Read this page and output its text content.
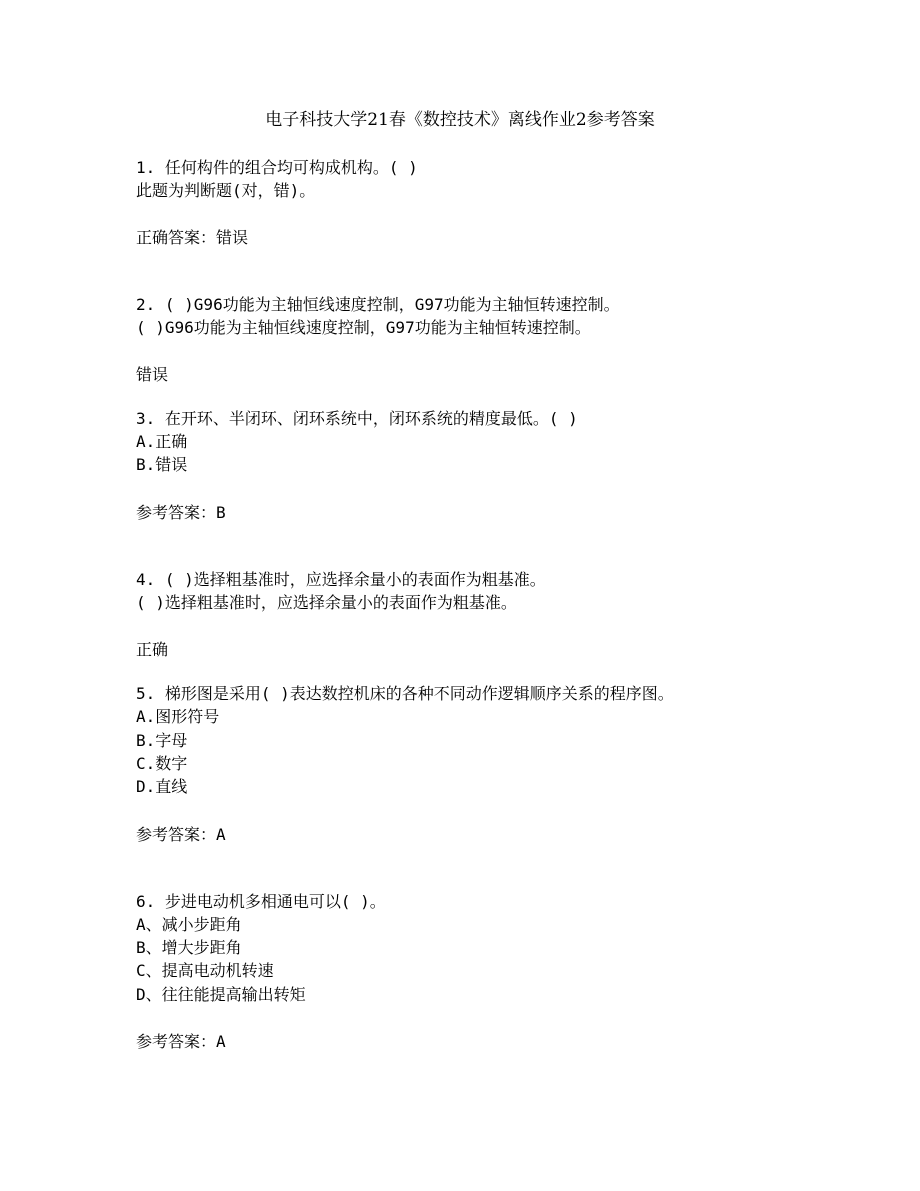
电子科技大学21春《数控技术》离线作业2参考答案
1. 任何构件的组合均可构成机构。( )
此题为判断题(对，错)。
正确答案：错误
2. ( )G96功能为主轴恒线速度控制，G97功能为主轴恒转速控制。
( )G96功能为主轴恒线速度控制，G97功能为主轴恒转速控制。
错误
3. 在开环、半闭环、闭环系统中，闭环系统的精度最低。( )
A.正确
B.错误
参考答案：B
4. ( )选择粗基准时，应选择余量小的表面作为粗基准。
( )选择粗基准时，应选择余量小的表面作为粗基准。
正确
5. 梯形图是采用( )表达数控机床的各种不同动作逻辑顺序关系的程序图。
A.图形符号
B.字母
C.数字
D.直线
参考答案：A
6. 步进电动机多相通电可以( )。
A、减小步距角
B、增大步距角
C、提高电动机转速
D、往往能提高输出转矩
参考答案：A
